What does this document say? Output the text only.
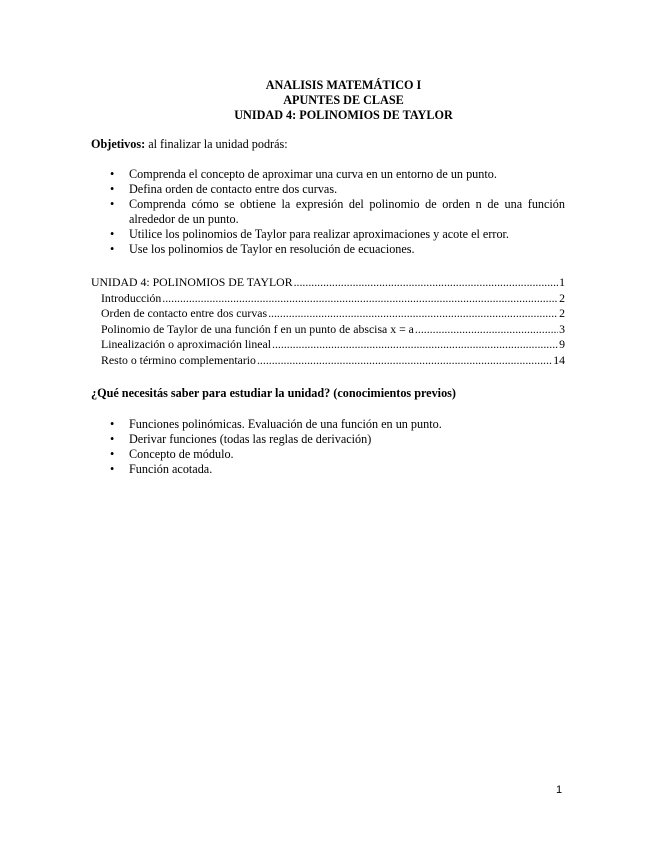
ANALISIS MATEMÁTICO I
APUNTES DE CLASE
UNIDAD 4: POLINOMIOS DE TAYLOR
Objetivos: al finalizar la unidad podrás:
• Comprenda el concepto de aproximar una curva en un entorno de un punto.
• Defina orden de contacto entre dos curvas.
• Comprenda cómo se obtiene la expresión del polinomio de orden n de una función alrededor de un punto.
• Utilice los polinomios de Taylor para realizar aproximaciones y acote el error.
• Use los polinomios de Taylor en resolución de ecuaciones.
UNIDAD 4: POLINOMIOS DE TAYLOR .....	1
Introducción .....	2
Orden de contacto entre dos curvas .....	2
Polinomio de Taylor de una función f en un punto de abscisa x = a .....	3
Linealización o aproximación lineal .....	9
Resto o término complementario .....	14
¿Qué necesitás saber para estudiar la unidad? (conocimientos previos)
• Funciones polinómicas. Evaluación de una función en un punto.
• Derivar funciones (todas las reglas de derivación)
• Concepto de módulo.
• Función acotada.
1
